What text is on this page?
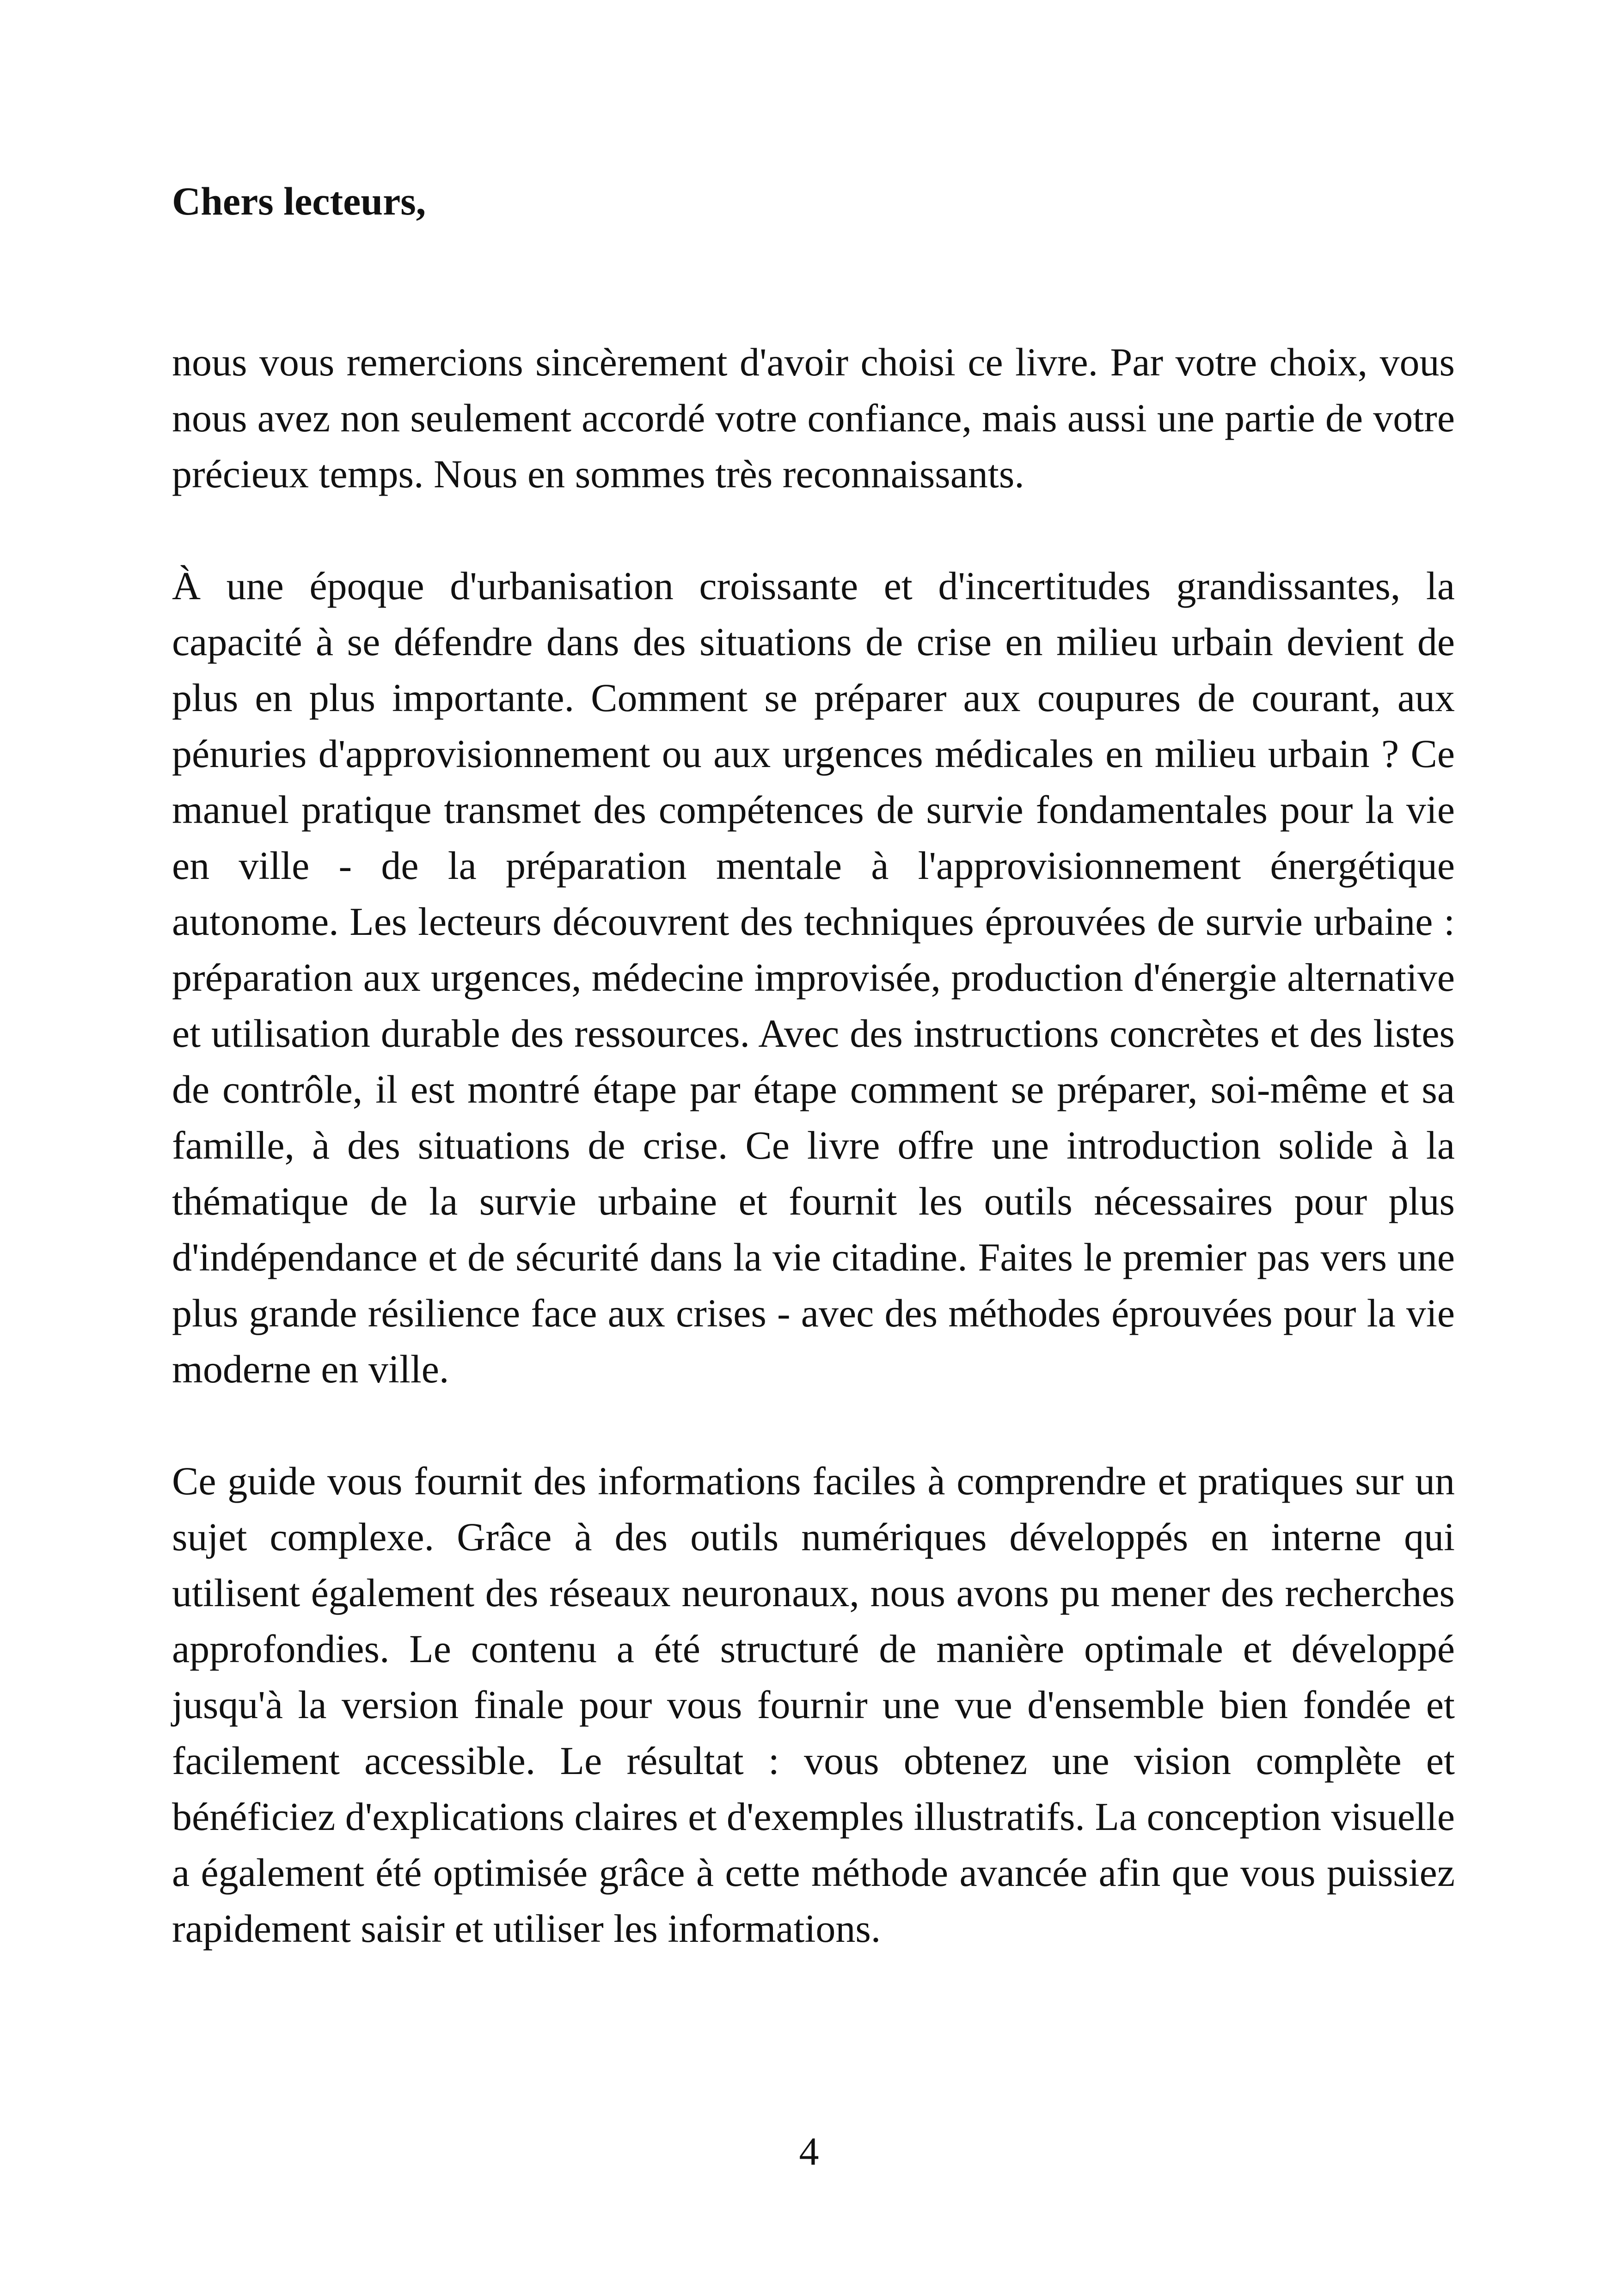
Chers lecteurs,

nous vous remercions sincèrement d'avoir choisi ce livre. Par votre choix, vous nous avez non seulement accordé votre confiance, mais aussi une partie de votre précieux temps. Nous en sommes très reconnaissants.

À une époque d'urbanisation croissante et d'incertitudes grandissantes, la capacité à se défendre dans des situations de crise en milieu urbain devient de plus en plus importante. Comment se préparer aux coupures de courant, aux pénuries d'approvisionnement ou aux urgences médicales en milieu urbain ? Ce manuel pratique transmet des compétences de survie fondamentales pour la vie en ville - de la préparation mentale à l'approvisionnement énergétique autonome. Les lecteurs découvrent des techniques éprouvées de survie urbaine : préparation aux urgences, médecine improvisée, production d'énergie alternative et utilisation durable des ressources. Avec des instructions concrètes et des listes de contrôle, il est montré étape par étape comment se préparer, soi-même et sa famille, à des situations de crise. Ce livre offre une introduction solide à la thématique de la survie urbaine et fournit les outils nécessaires pour plus d'indépendance et de sécurité dans la vie citadine. Faites le premier pas vers une plus grande résilience face aux crises - avec des méthodes éprouvées pour la vie moderne en ville.

Ce guide vous fournit des informations faciles à comprendre et pratiques sur un sujet complexe. Grâce à des outils numériques développés en interne qui utilisent également des réseaux neuronaux, nous avons pu mener des recherches approfondies. Le contenu a été structuré de manière optimale et développé jusqu'à la version finale pour vous fournir une vue d'ensemble bien fondée et facilement accessible. Le résultat : vous obtenez une vision complète et bénéficiez d'explications claires et d'exemples illustratifs. La conception visuelle a également été optimisée grâce à cette méthode avancée afin que vous puissiez rapidement saisir et utiliser les informations.

4
